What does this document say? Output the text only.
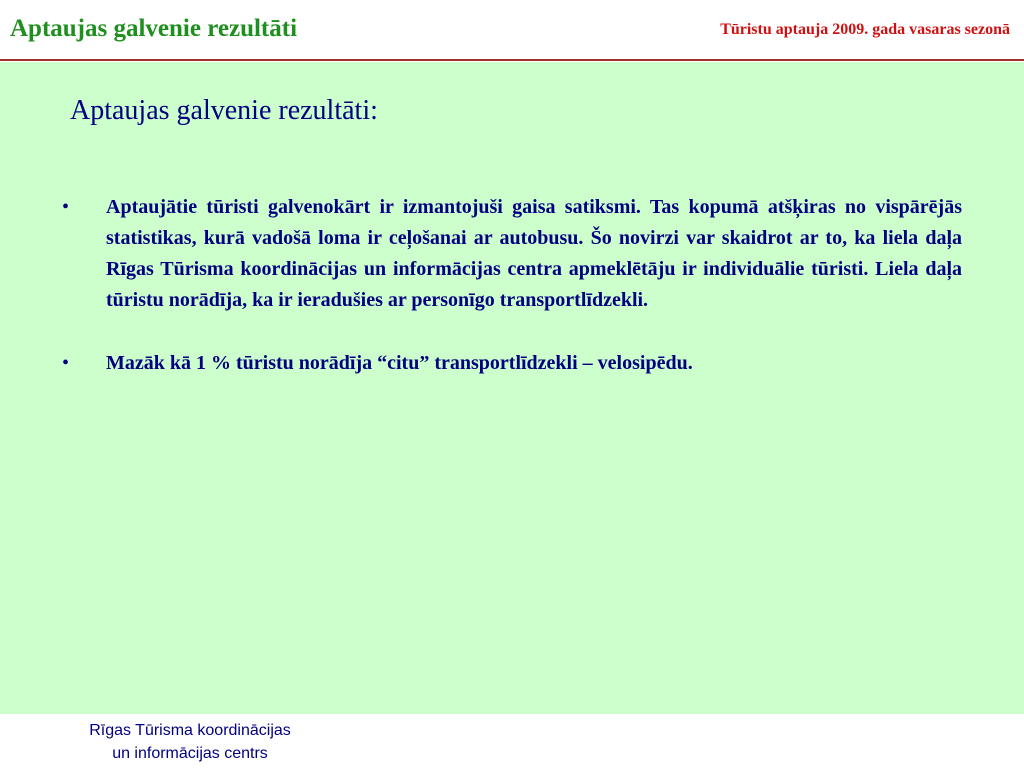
Aptaujas galvenie rezultāti	Tūristu aptauja 2009. gada vasaras sezonā
Aptaujas galvenie rezultāti:
• Aptaujātie tūristi galvenokārt ir izmantojuši gaisa satiksmi. Tas kopumā atšķiras no vispārējās statistikas, kurā vadošā loma ir ceļošanai ar autobusu. Šo novirzi var skaidrot ar to, ka liela daļa Rīgas Tūrisma koordinācijas un informācijas centra apmeklētāju ir individuālie tūristi. Liela daļa tūristu norādīja, ka ir ieradušies ar personīgo transportlīdzekli.
• Mazāk kā 1 % tūristu norādīja “citu” transportlīdzekli – velosipēdu.
Rīgas Tūrisma koordinācijas
un informācijas centrs
